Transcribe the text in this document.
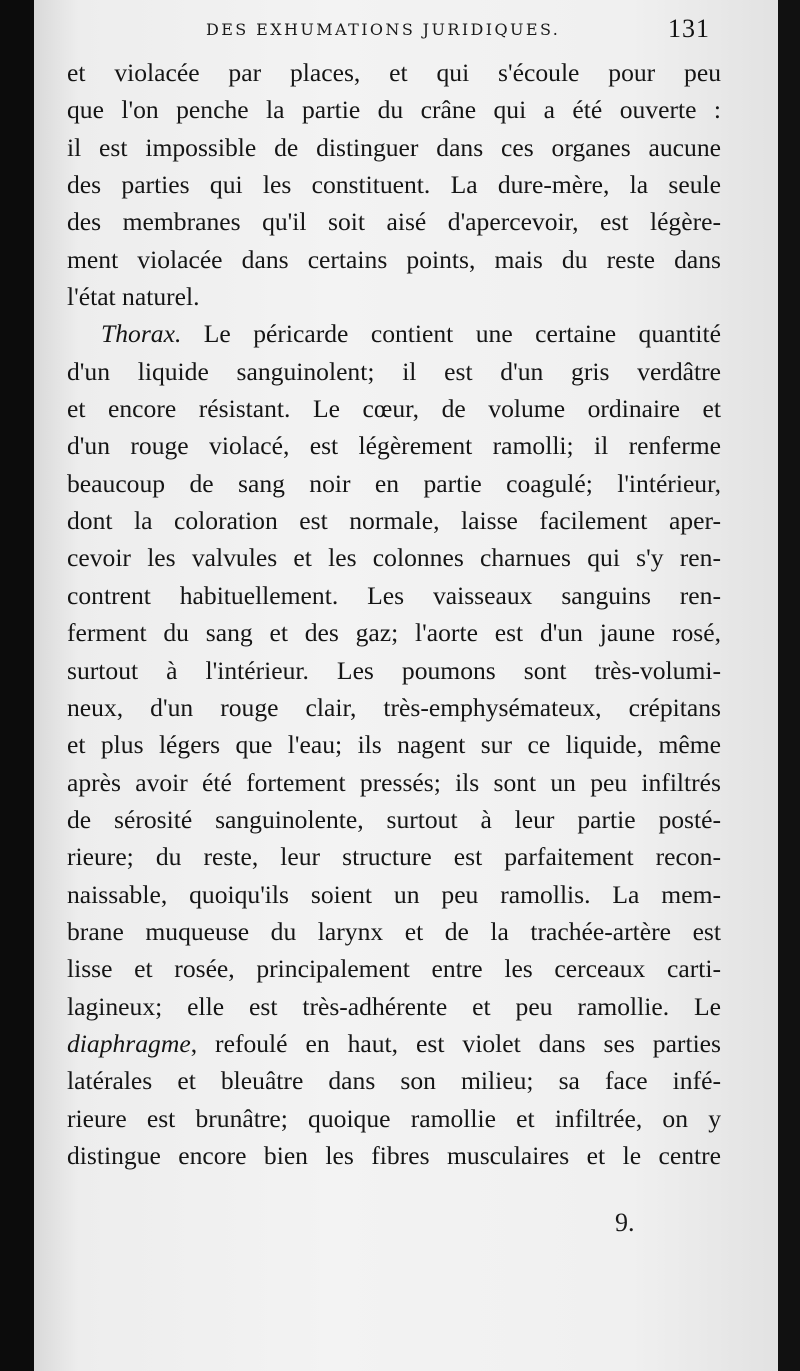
DES EXHUMATIONS JURIDIQUES.	131
et violacée par places, et qui s'écoule pour peu
que l'on penche la partie du crâne qui a été ouverte :
il est impossible de distinguer dans ces organes aucune
des parties qui les constituent. La dure-mère, la seule
des membranes qu'il soit aisé d'apercevoir, est légère-
ment violacée dans certains points, mais du reste dans
l'état naturel.
Thorax. Le péricarde contient une certaine quantité
d'un liquide sanguinolent; il est d'un gris verdâtre
et encore résistant. Le cœur, de volume ordinaire et
d'un rouge violacé, est légèrement ramolli; il renferme
beaucoup de sang noir en partie coagulé; l'intérieur,
dont la coloration est normale, laisse facilement aper-
cevoir les valvules et les colonnes charnues qui s'y ren-
contrent habituellement. Les vaisseaux sanguins ren-
ferment du sang et des gaz; l'aorte est d'un jaune rosé,
surtout à l'intérieur. Les poumons sont très-volumi-
neux, d'un rouge clair, très-emphysémateux, crépitans
et plus légers que l'eau; ils nagent sur ce liquide, même
après avoir été fortement pressés; ils sont un peu infiltrés
de sérosité sanguinolente, surtout à leur partie posté-
rieure; du reste, leur structure est parfaitement recon-
naissable, quoiqu'ils soient un peu ramollis. La mem-
brane muqueuse du larynx et de la trachée-artère est
lisse et rosée, principalement entre les cerceaux carti-
lagineux; elle est très-adhérente et peu ramollie. Le
diaphragme, refoulé en haut, est violet dans ses parties
latérales et bleuâtre dans son milieu; sa face infé-
rieure est brunâtre; quoique ramollie et infiltrée, on y
distingue encore bien les fibres musculaires et le centre
9.
